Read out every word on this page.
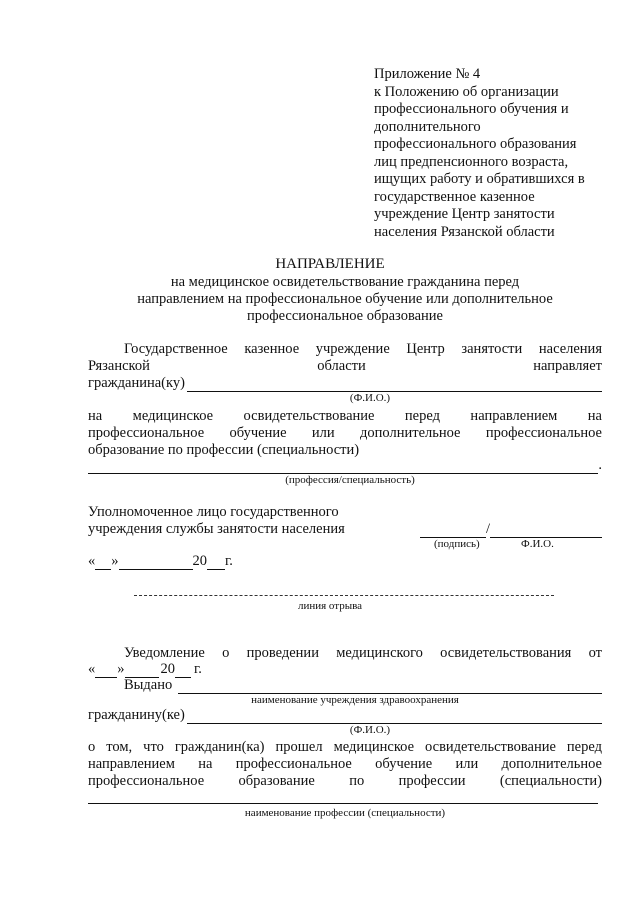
Приложение № 4
к Положению об организации
профессионального обучения и
дополнительного
профессионального образования
лиц предпенсионного возраста,
ищущих работу и обратившихся в
государственное казенное
учреждение Центр занятости
населения Рязанской области
НАПРАВЛЕНИЕ
на медицинское освидетельствование гражданина перед
направлением на профессиональное обучение или дополнительное
профессиональное образование
Государственное казенное учреждение Центр занятости населения
Рязанской	области	направляет
гражданина(ку)
(Ф.И.О.)
на медицинское освидетельствование перед направлением на
профессиональное обучение или дополнительное профессиональное
образование по профессии (специальности)
.
(профессия/специальность)
Уполномоченное лицо государственного
учреждения службы занятости населения	/
(подпись)	Ф.И.О.
« »	20 г.
линия отрыва
Уведомление о проведении медицинского освидетельствования от
« » 20 г.
Выдано
наименование учреждения здравоохранения
гражданину(ке)
(Ф.И.О.)
о том, что гражданин(ка) прошел медицинское освидетельствование перед
направлением на профессиональное обучение или дополнительное
профессиональное образование по профессии (специальности)
наименование профессии (специальности)
